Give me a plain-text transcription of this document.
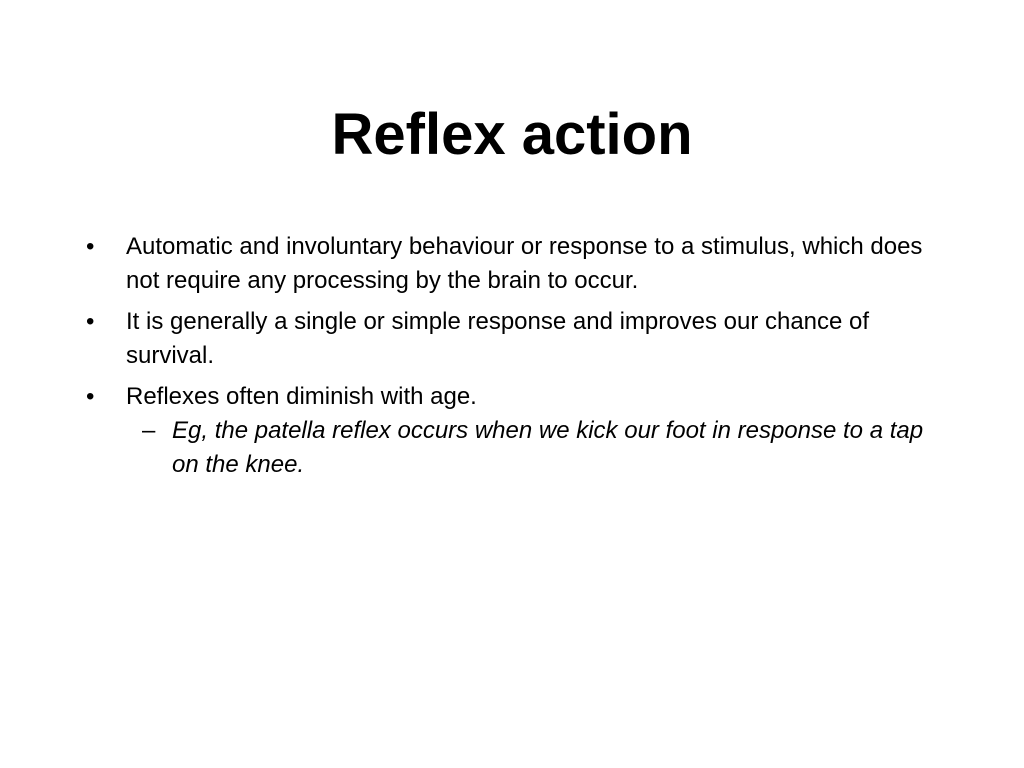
Reflex action
•	Automatic and involuntary behaviour or response to a stimulus, which does not require any processing by the brain to occur.
•	It is generally a single or simple response and improves our chance of survival.
•	Reflexes often diminish with age.
– Eg, the patella reflex occurs when we kick our foot in response to a tap on the knee.
